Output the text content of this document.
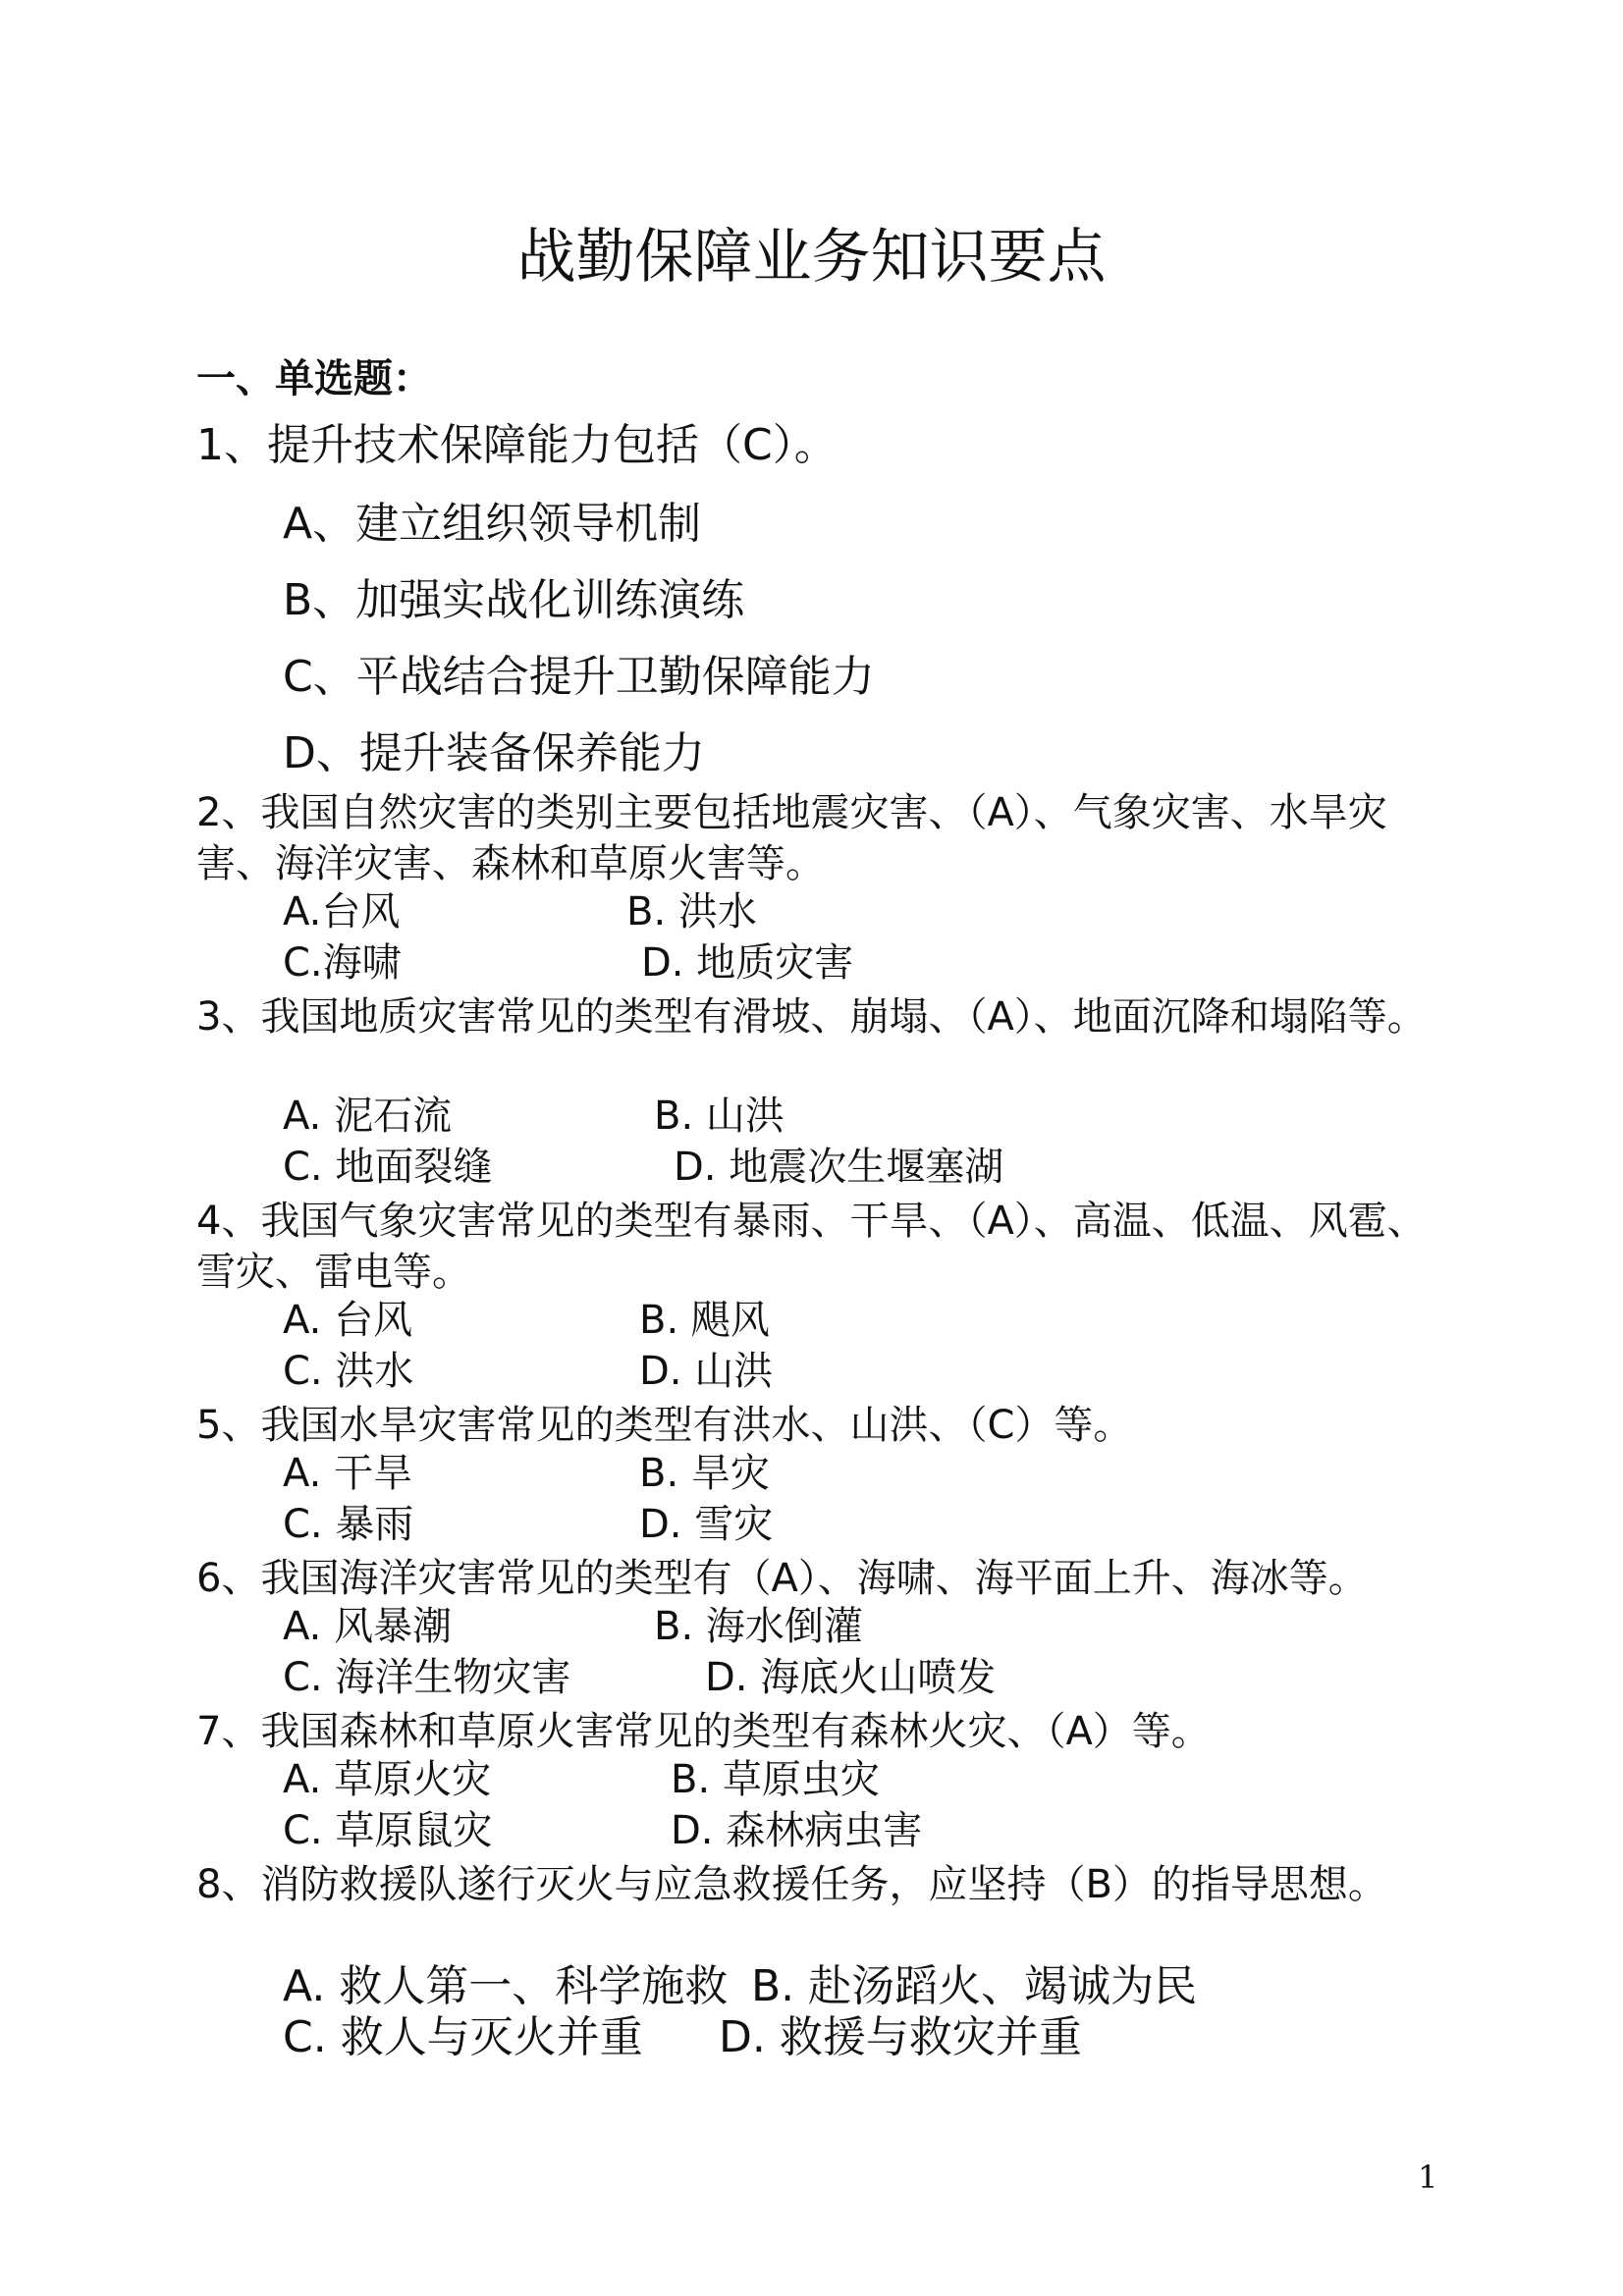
战勤保障业务知识要点
一、单选题：

1、提升技术保障能力包括（C）。

A、建立组织领导机制
B、加强实战化训练演练
C、平战结合提升卫勤保障能力
D、提升装备保养能力

2、我国自然灾害的类别主要包括地震灾害、（A）、气象灾害、水旱灾害、海洋灾害、森林和草原火害等。

A.台风	B. 洪水
C.海啸	D. 地质灾害

3、我国地质灾害常见的类型有滑坡、崩塌、（A）、地面沉降和塌陷等。

A. 泥石流	B. 山洪
C. 地面裂缝	D. 地震次生堰塞湖

4、我国气象灾害常见的类型有暴雨、干旱、（A）、高温、低温、风雹、雪灾、雷电等。

A. 台风	B. 飓风
C. 洪水	D. 山洪

5、我国水旱灾害常见的类型有洪水、山洪、（C）等。

A. 干旱	B. 旱灾
C. 暴雨	D. 雪灾

6、我国海洋灾害常见的类型有（A）、海啸、海平面上升、海冰等。

A. 风暴潮	B. 海水倒灌
C. 海洋生物灾害	D. 海底火山喷发

7、我国森林和草原火害常见的类型有森林火灾、（A）等。

A. 草原火灾	B. 草原虫灾
C. 草原鼠灾	D. 森林病虫害

8、消防救援队遂行灭火与应急救援任务，应坚持（B）的指导思想。

A. 救人第一、科学施救 B. 赴汤蹈火、竭诚为民
C. 救人与灭火并重 D. 救援与救灾并重
1
